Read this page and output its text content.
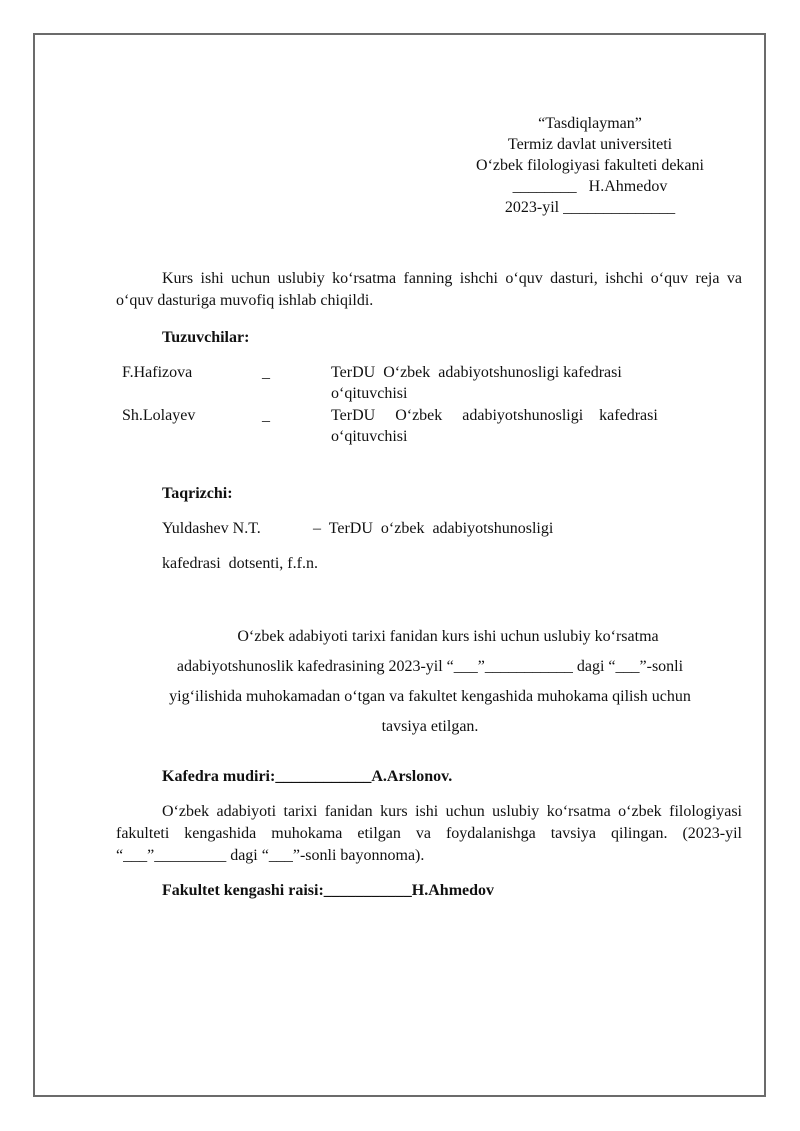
“Tasdiqlayman”
Termiz davlat universiteti
O‘zbek filologiyasi fakulteti dekani
________   H.Ahmedov
2023-yil ______________
Kurs ishi uchun uslubiy ko‘rsatma fanning ishchi o‘quv dasturi, ishchi o‘quv reja va o‘quv dasturiga muvofiq ishlab chiqildi.
Tuzuvchilar:
F.Hafizova	_	TerDU  O‘zbek  adabiyotshunosligi kafedrasi
o‘qituvchisi
Sh.Lolayev	_	TerDU     O‘zbek     adabiyotshunosligi    kafedrasi
o‘qituvchisi
Taqrizchi:
Yuldashev N.T.	–  TerDU  o‘zbek  adabiyotshunosligi
kafedrasi  dotsenti, f.f.n.
O‘zbek adabiyoti tarixi fanidan kurs ishi uchun uslubiy ko‘rsatma
adabiyotshunoslik kafedrasining 2023-yil “___”___________ dagi “___”-sonli
yig‘ilishida muhokamadan o‘tgan va fakultet kengashida muhokama qilish uchun
tavsiya etilgan.
Kafedra mudiri:____________A.Arslonov.
O‘zbek adabiyoti tarixi fanidan kurs ishi uchun uslubiy ko‘rsatma o‘zbek filologiyasi fakulteti kengashida muhokama etilgan va foydalanishga tavsiya qilingan. (2023-yil “___”_________ dagi “___”-sonli bayonnoma).
Fakultet kengashi raisi:___________H.Ahmedov
